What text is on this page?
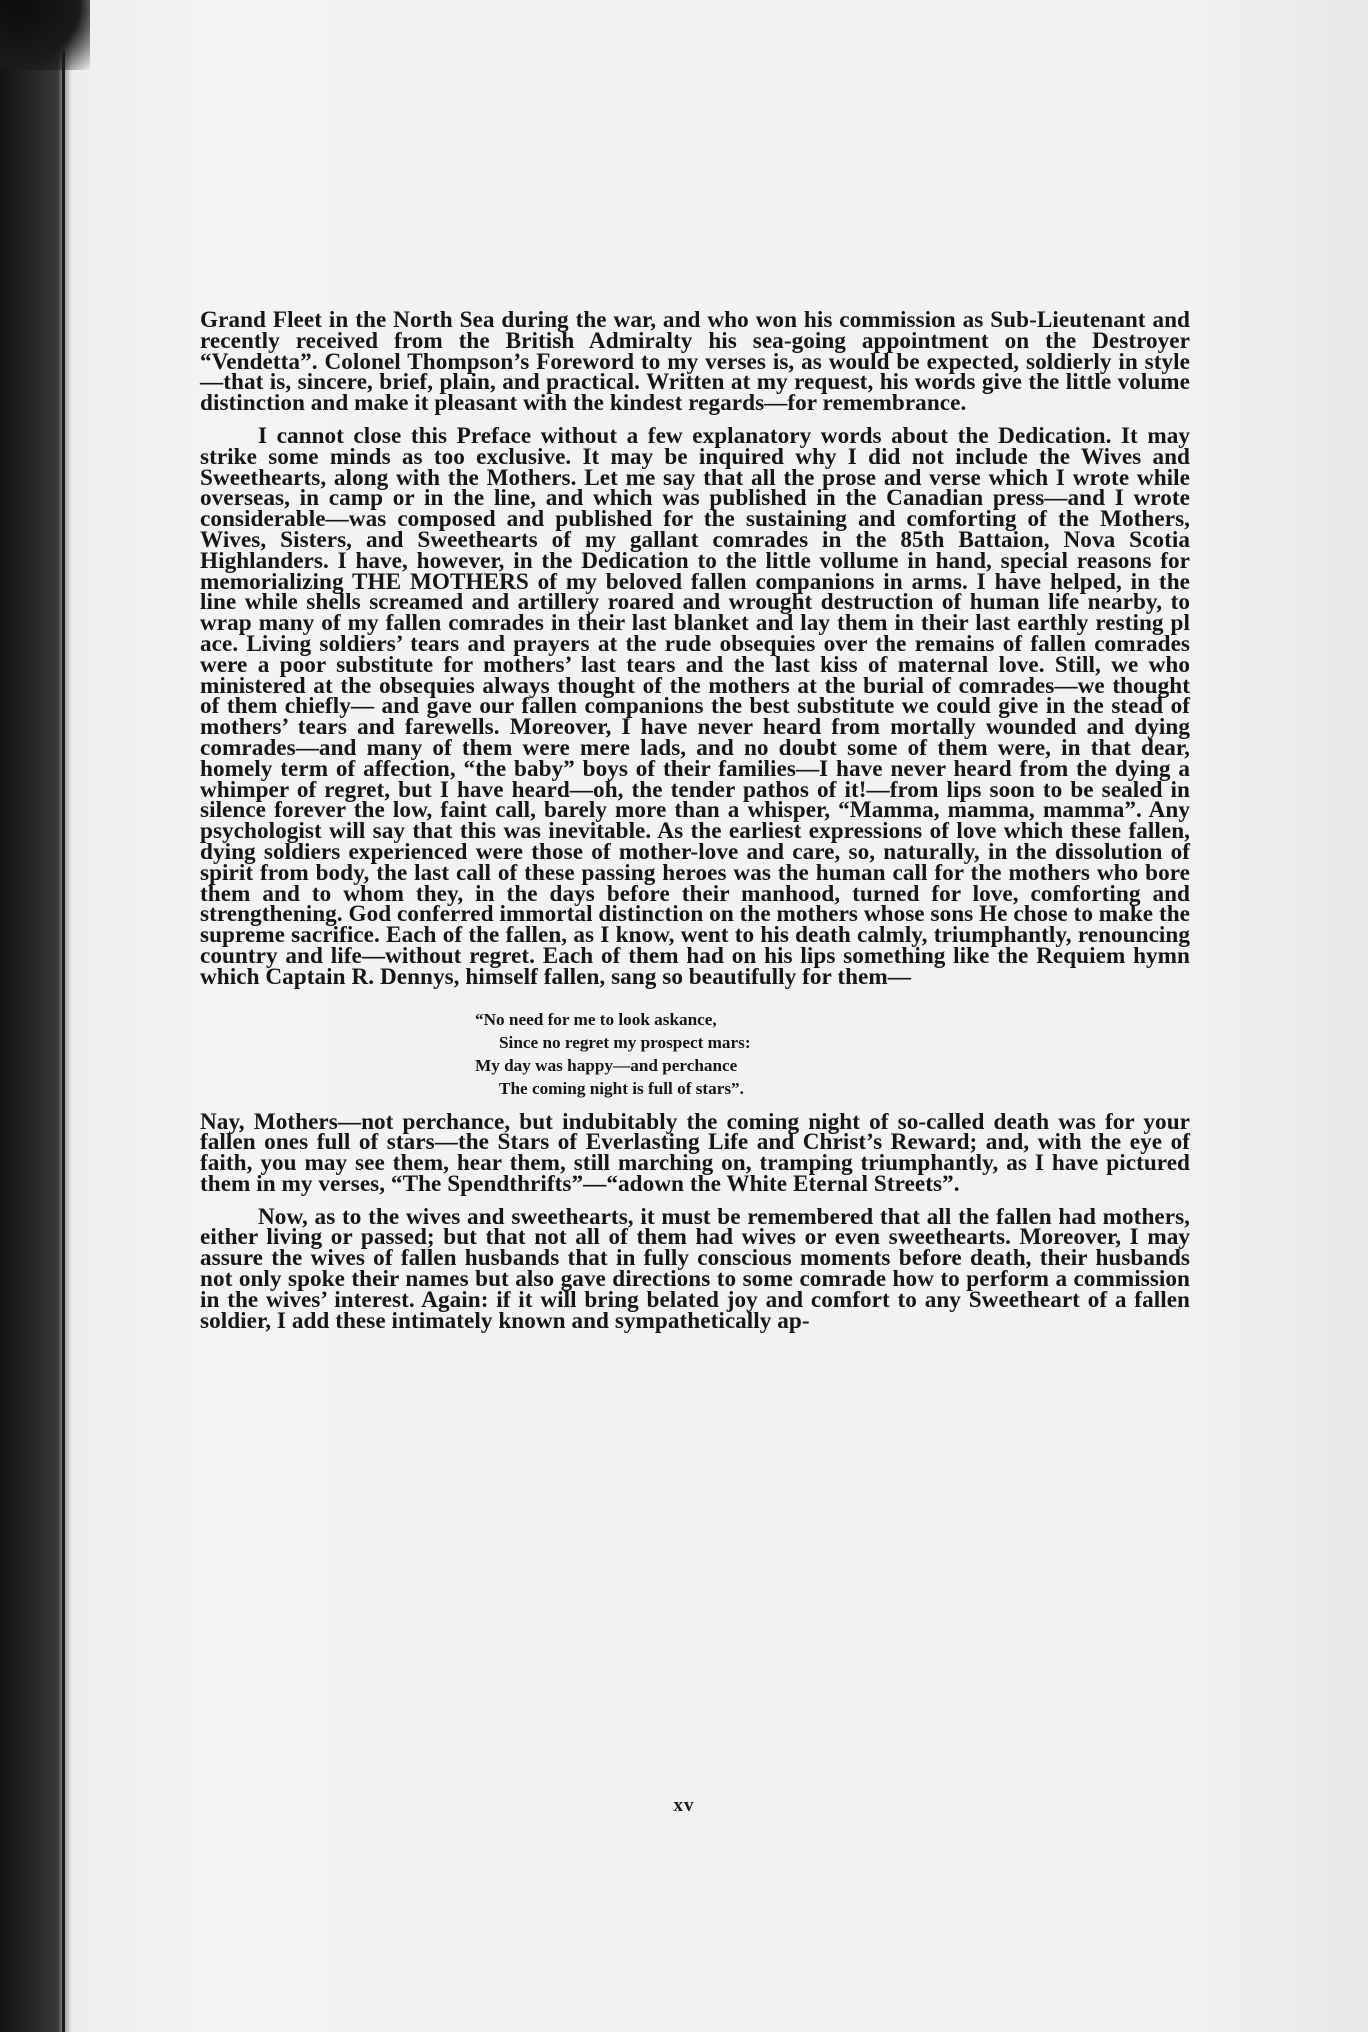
Grand Fleet in the North Sea during the war, and who won his commission as Sub-Lieutenant and recently received from the British Admiralty his sea-going appointment on the Destroyer “Vendetta”. Colonel Thompson’s Foreword to my verses is, as would be expected, soldierly in style—that is, sincere, brief, plain, and practical. Written at my request, his words give the little volume distinction and make it pleasant with the kindest regards—for remembrance.

I cannot close this Preface without a few explanatory words about the Dedication. It may strike some minds as too exclusive. It may be inquired why I did not include the Wives and Sweethearts, along with the Mothers. Let me say that all the prose and verse which I wrote while overseas, in camp or in the line, and which was published in the Canadian press—and I wrote considerable—was composed and published for the sustaining and comforting of the Mothers, Wives, Sisters, and Sweethearts of my gallant comrades in the 85th Battaion, Nova Scotia Highlanders. I have, however, in the Dedication to the little vollume in hand, special reasons for memorializing THE MOTHERS of my beloved fallen companions in arms. I have helped, in the line while shells screamed and artillery roared and wrought destruction of human life nearby, to wrap many of my fallen comrades in their last blanket and lay them in their last earthly resting pl ace. Living soldiers’ tears and prayers at the rude obsequies over the remains of fallen comrades were a poor substitute for mothers’ last tears and the last kiss of maternal love. Still, we who ministered at the obsequies always thought of the mothers at the burial of comrades—we thought of them chiefly— and gave our fallen companions the best substitute we could give in the stead of mothers’ tears and farewells. Moreover, I have never heard from mortally wounded and dying comrades—and many of them were mere lads, and no doubt some of them were, in that dear, homely term of affection, “the baby” boys of their families—I have never heard from the dying a whimper of regret, but I have heard—oh, the tender pathos of it!—from lips soon to be sealed in silence forever the low, faint call, barely more than a whisper, “Mamma, mamma, mamma”. Any psychologist will say that this was inevitable. As the earliest expressions of love which these fallen, dying soldiers experienced were those of mother-love and care, so, naturally, in the dissolution of spirit from body, the last call of these passing heroes was the human call for the mothers who bore them and to whom they, in the days before their manhood, turned for love, comforting and strengthening. God conferred immortal distinction on the mothers whose sons He chose to make the supreme sacrifice. Each of the fallen, as I know, went to his death calmly, triumphantly, renouncing country and life—without regret. Each of them had on his lips something like the Requiem hymn which Captain R. Dennys, himself fallen, sang so beautifully for them—

“No need for me to look askance,
Since no regret my prospect mars:
My day was happy—and perchance
The coming night is full of stars”.

Nay, Mothers—not perchance, but indubitably the coming night of so-called death was for your fallen ones full of stars—the Stars of Everlasting Life and Christ’s Reward; and, with the eye of faith, you may see them, hear them, still marching on, tramping triumphantly, as I have pictured them in my verses, “The Spendthrifts”—“adown the White Eternal Streets”.

Now, as to the wives and sweethearts, it must be remembered that all the fallen had mothers, either living or passed; but that not all of them had wives or even sweethearts. Moreover, I may assure the wives of fallen husbands that in fully conscious moments before death, their husbands not only spoke their names but also gave directions to some comrade how to perform a commission in the wives’ interest. Again: if it will bring belated joy and comfort to any Sweetheart of a fallen soldier, I add these intimately known and sympathetically ap-

xv
